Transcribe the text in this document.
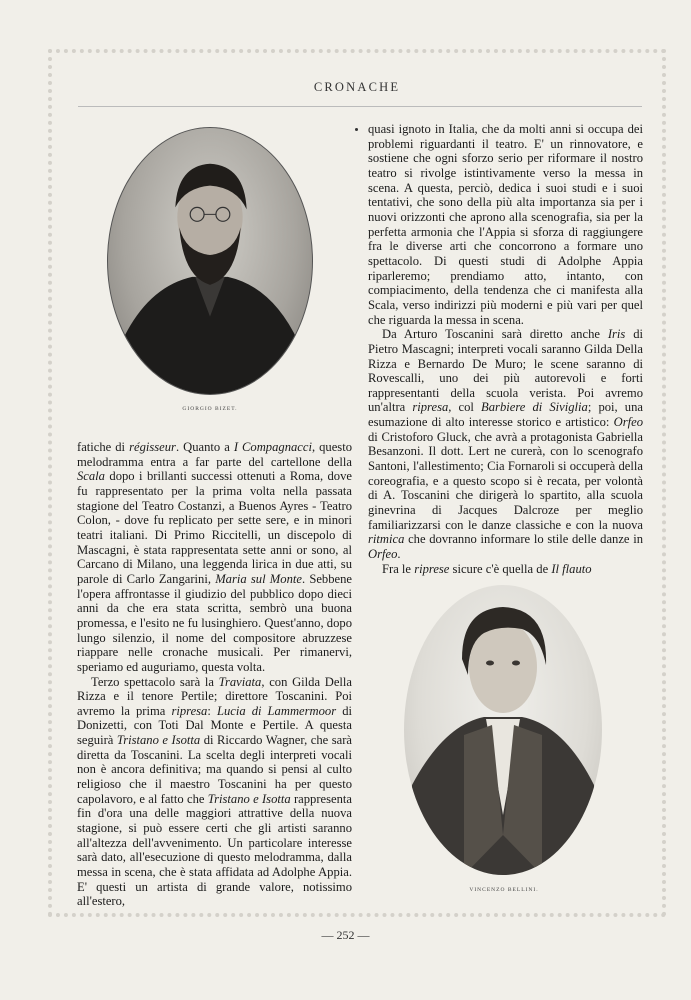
CRONACHE
GIORGIO BIZET.
VINCENZO BELLINI.

fatiche di régisseur. Quanto a I Compagnacci, questo melodramma entra a far parte del cartellone della Scala dopo i brillanti successi ottenuti a Roma, dove fu rappresentato per la prima volta nella passata stagione del Teatro Costanzi, a Buenos Ayres - Teatro Colon, - dove fu replicato per sette sere, e in minori teatri italiani. Di Primo Riccitelli, un discepolo di Mascagni, è stata rappresentata sette anni or sono, al Carcano di Milano, una leggenda lirica in due atti, su parole di Carlo Zangarini, Maria sul Monte. Sebbene l'opera affrontasse il giudizio del pubblico dopo dieci anni da che era stata scritta, sembrò una buona promessa, e l'esito ne fu lusinghiero. Quest'anno, dopo lungo silenzio, il nome del compositore abruzzese riappare nelle cronache musicali. Per rimanervi, speriamo ed auguriamo, questa volta.

Terzo spettacolo sarà la Traviata, con Gilda Della Rizza e il tenore Pertile; direttore Toscanini. Poi avremo la prima ripresa: Lucia di Lammermoor di Donizetti, con Toti Dal Monte e Pertile. A questa seguirà Tristano e Isotta di Riccardo Wagner, che sarà diretta da Toscanini. La scelta degli interpreti vocali non è ancora definitiva; ma quando si pensi al culto religioso che il maestro Toscanini ha per questo capolavoro, e al fatto che Tristano e Isotta rappresenta fin d'ora una delle maggiori attrattive della nuova stagione, si può essere certi che gli artisti saranno all'altezza dell'avvenimento. Un particolare interesse sarà dato, all'esecuzione di questo melodramma, dalla messa in scena, che è stata affidata ad Adolphe Appia. E' questi un artista di grande valore, notissimo all'estero,

quasi ignoto in Italia, che da molti anni si occupa dei problemi riguardanti il teatro. E' un rinnovatore, e sostiene che ogni sforzo serio per riformare il nostro teatro si rivolge istintivamente verso la messa in scena. A questa, perciò, dedica i suoi studi e i suoi tentativi, che sono della più alta importanza sia per i nuovi orizzonti che aprono alla scenografia, sia per la perfetta armonia che l'Appia si sforza di raggiungere fra le diverse arti che concorrono a formare uno spettacolo. Di questi studi di Adolphe Appia riparleremo; prendiamo atto, intanto, con compiacimento, della tendenza che ci manifesta alla Scala, verso indirizzi più moderni e più vari per quel che riguarda la messa in scena.

Da Arturo Toscanini sarà diretto anche Iris di Pietro Mascagni; interpreti vocali saranno Gilda Della Rizza e Bernardo De Muro; le scene saranno di Rovescalli, uno dei più autorevoli e forti rappresentanti della scuola verista. Poi avremo un'altra ripresa, col Barbiere di Siviglia; poi, una esumazione di alto interesse storico e artistico: Orfeo di Cristoforo Gluck, che avrà a protagonista Gabriella Besanzoni. Il dott. Lert ne curerà, con lo scenografo Santoni, l'allestimento; Cia Fornaroli si occuperà della coreografia, e a questo scopo si è recata, per volontà di A. Toscanini che dirigerà lo spartito, alla scuola ginevrina di Jacques Dalcroze per meglio familiarizzarsi con le danze classiche e con la nuova ritmica che dovranno informare lo stile delle danze in Orfeo.

Fra le riprese sicure c'è quella de Il flauto

— 252 —
